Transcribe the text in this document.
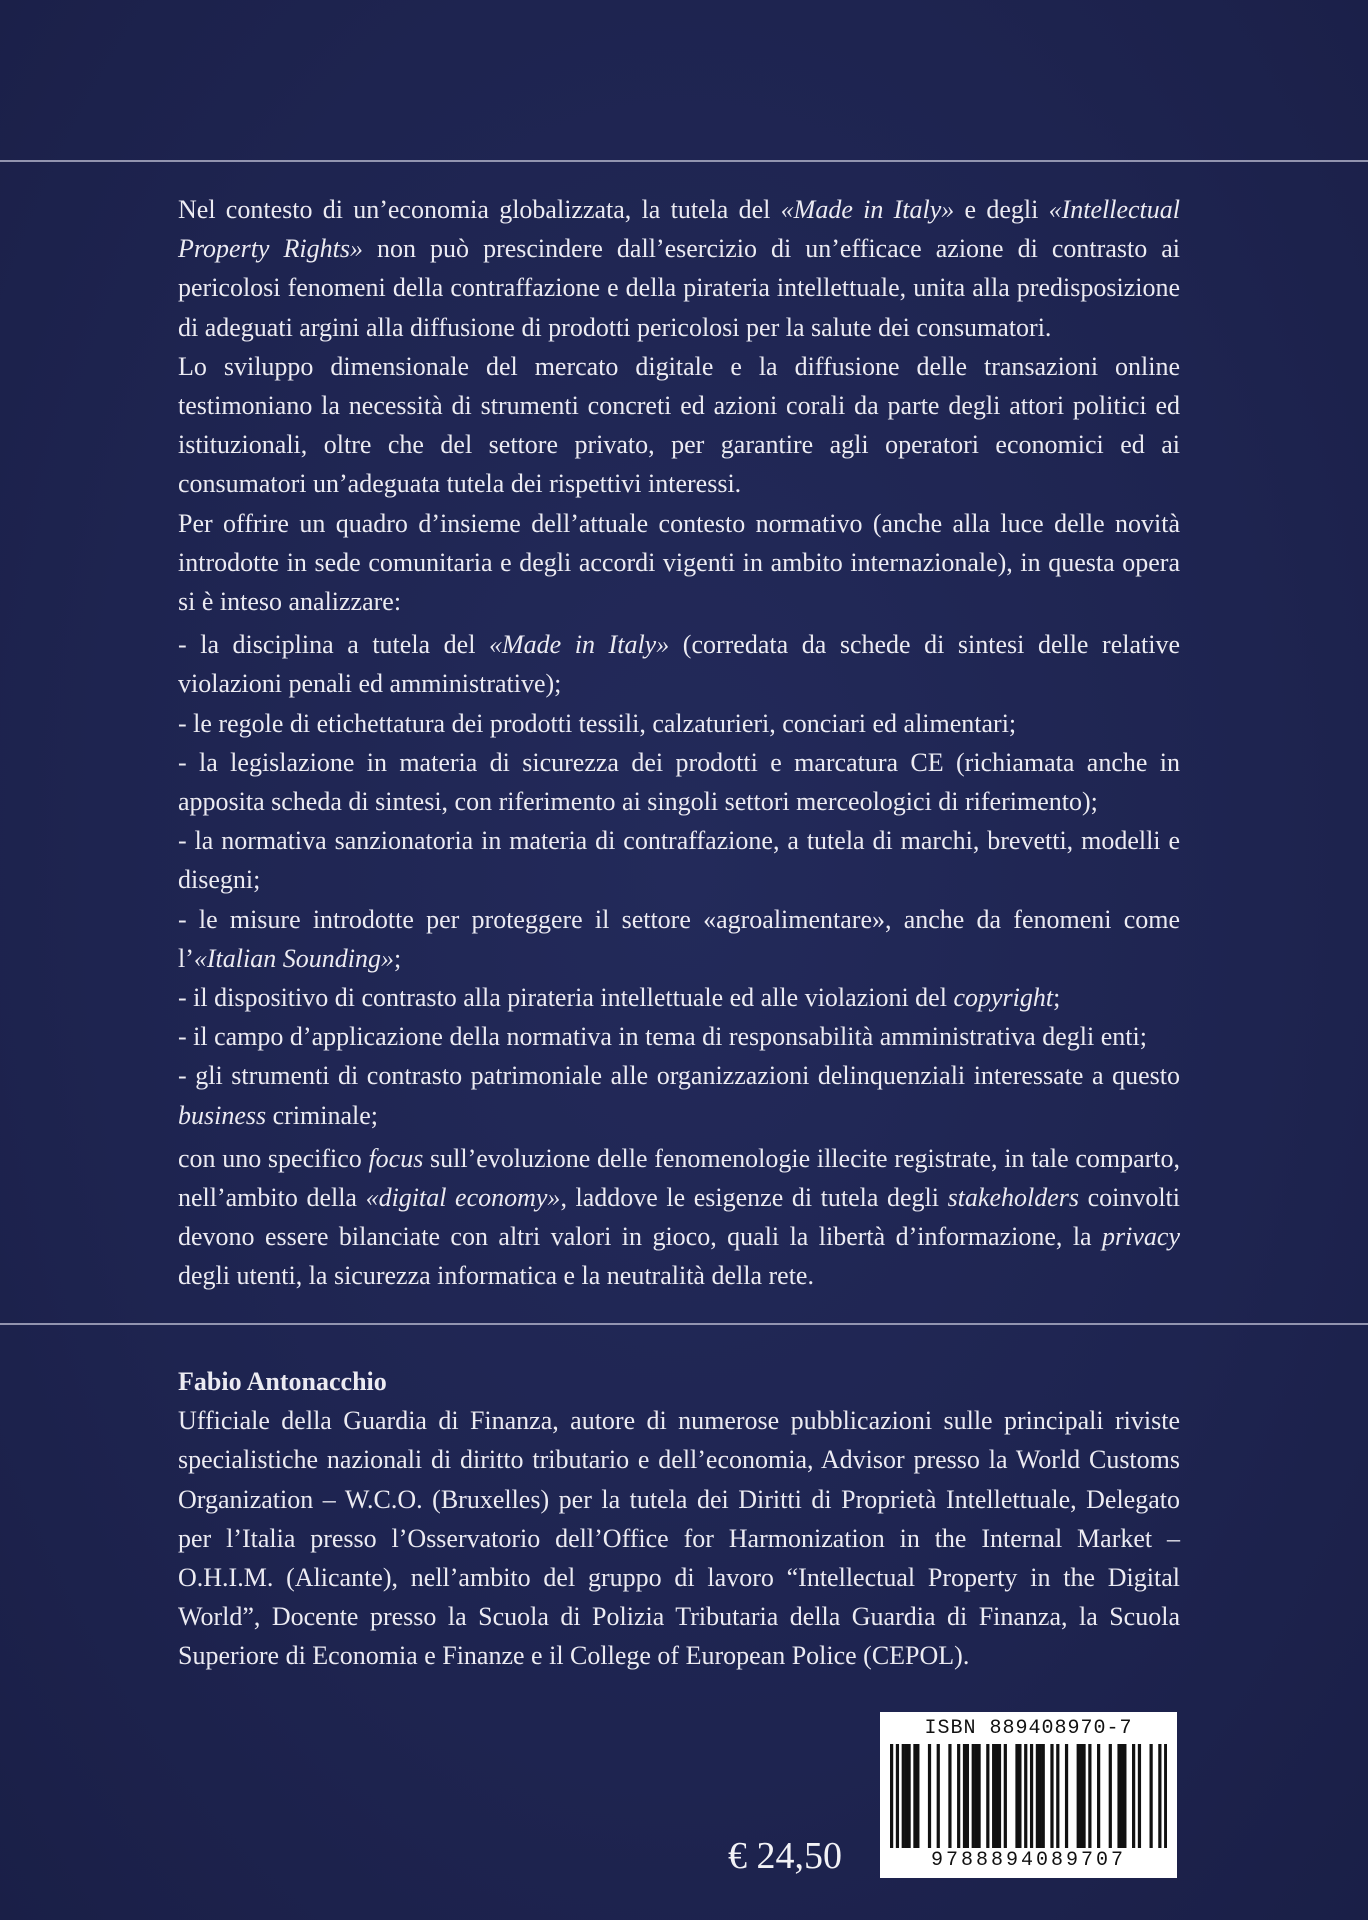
Nel contesto di un’economia globalizzata, la tutela del «Made in Italy» e degli «Intellectual Property Rights» non può prescindere dall’esercizio di un’efficace azione di contrasto ai pericolosi fenomeni della contraffazione e della pirateria intellettuale, unita alla predisposizione di adeguati argini alla diffusione di prodotti pericolosi per la salute dei consumatori.

Lo sviluppo dimensionale del mercato digitale e la diffusione delle transazioni online testimoniano la necessità di strumenti concreti ed azioni corali da parte degli attori politici ed istituzionali, oltre che del settore privato, per garantire agli operatori economici ed ai consumatori un’adeguata tutela dei rispettivi interessi.

Per offrire un quadro d’insieme dell’attuale contesto normativo (anche alla luce delle novità introdotte in sede comunitaria e degli accordi vigenti in ambito internazionale), in questa opera si è inteso analizzare:

- la disciplina a tutela del «Made in Italy» (corredata da schede di sintesi delle relative violazioni penali ed amministrative);
- le regole di etichettatura dei prodotti tessili, calzaturieri, conciari ed alimentari;
- la legislazione in materia di sicurezza dei prodotti e marcatura CE (richiamata anche in apposita scheda di sintesi, con riferimento ai singoli settori merceologici di riferimento);
- la normativa sanzionatoria in materia di contraffazione, a tutela di marchi, brevetti, modelli e disegni;
- le misure introdotte per proteggere il settore «agroalimentare», anche da fenomeni come l’«Italian Sounding»;
- il dispositivo di contrasto alla pirateria intellettuale ed alle violazioni del copyright;
- il campo d’applicazione della normativa in tema di responsabilità amministrativa degli enti;
- gli strumenti di contrasto patrimoniale alle organizzazioni delinquenziali interessate a questo business criminale;

con uno specifico focus sull’evoluzione delle fenomenologie illecite registrate, in tale comparto, nell’ambito della «digital economy», laddove le esigenze di tutela degli stakeholders coinvolti devono essere bilanciate con altri valori in gioco, quali la libertà d’informazione, la privacy degli utenti, la sicurezza informatica e la neutralità della rete.

Fabio Antonacchio

Ufficiale della Guardia di Finanza, autore di numerose pubblicazioni sulle principali riviste specialistiche nazionali di diritto tributario e dell’economia, Advisor presso la World Customs Organization – W.C.O. (Bruxelles) per la tutela dei Diritti di Proprietà Intellettuale, Delegato per l’Italia presso l’Osservatorio dell’Office for Harmonization in the Internal Market – O.H.I.M. (Alicante), nell’ambito del gruppo di lavoro “Intellectual Property in the Digital World”, Docente presso la Scuola di Polizia Tributaria della Guardia di Finanza, la Scuola Superiore di Economia e Finanze e il College of European Police (CEPOL).

€ 24,50
ISBN 889408970-7
9788894089707
